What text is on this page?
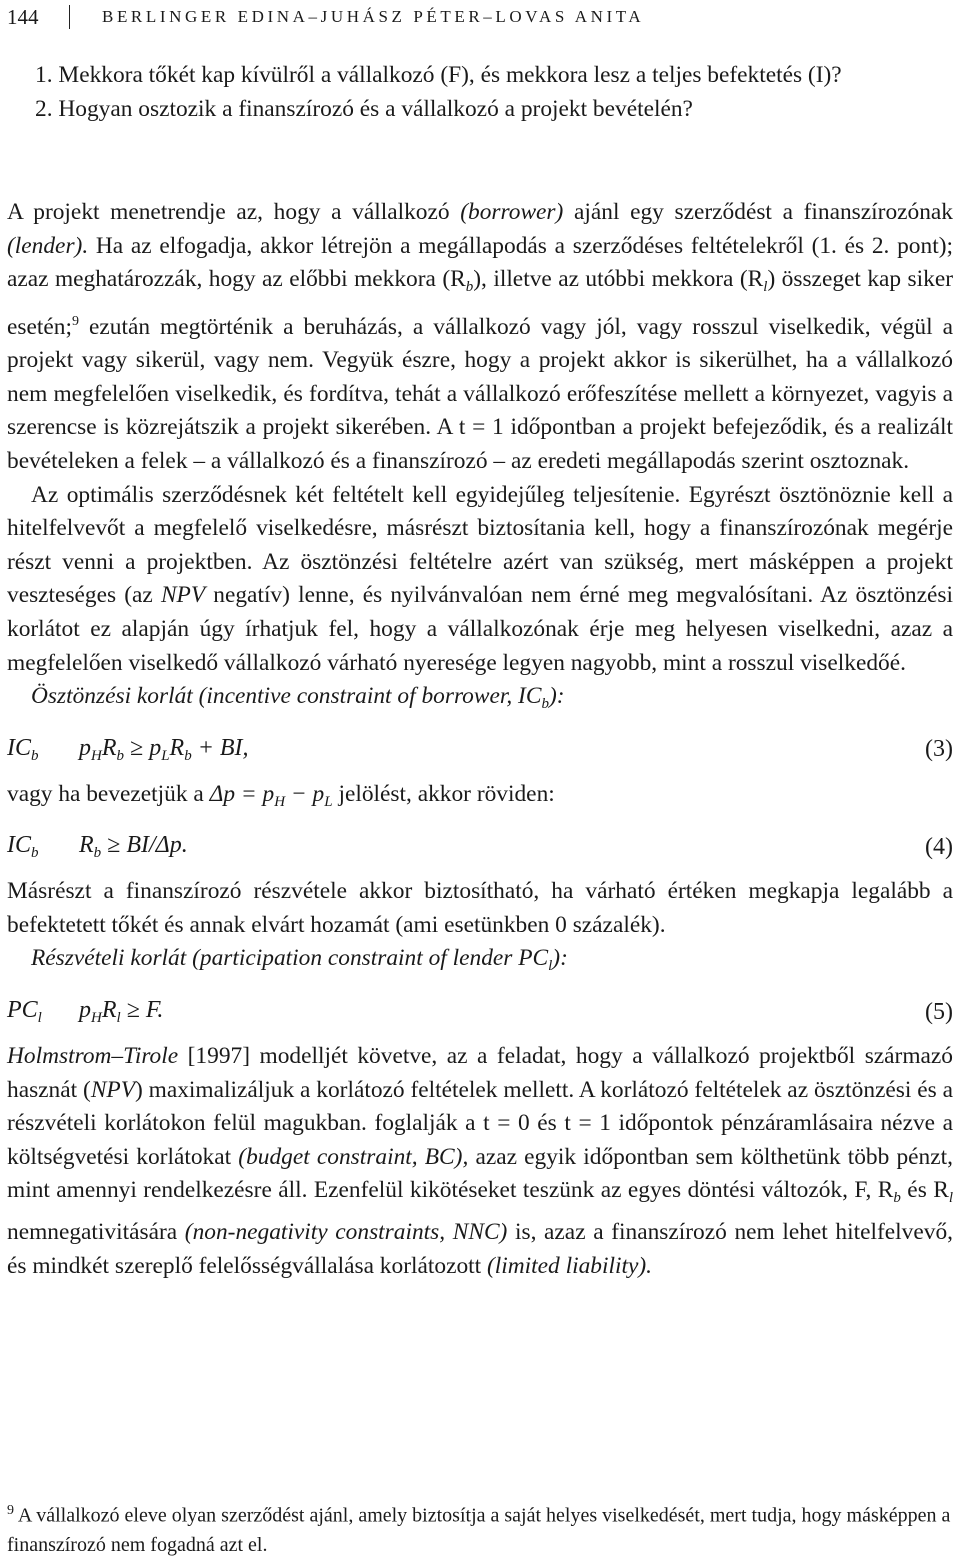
144	BERLINGER EDINA–JUHÁSZ PÉTER–LOVAS ANITA

1. Mekkora tőkét kap kívülről a vállalkozó (F), és mekkora lesz a teljes befektetés (I)?

2. Hogyan osztozik a finanszírozó és a vállalkozó a projekt bevételén?

A projekt menetrendje az, hogy a vállalkozó (borrower) ajánl egy szerződést a finanszírozónak (lender). Ha az elfogadja, akkor létrejön a megállapodás a szerződéses feltételekről (1. és 2. pont); azaz meghatározzák, hogy az előbbi mekkora $(R_b)$, illetve az utóbbi mekkora $(R_l)$ összeget kap siker esetén;$^9$ ezután megtörténik a beruházás, a vállalkozó vagy jól, vagy rosszul viselkedik, végül a projekt vagy sikerül, vagy nem. Vegyük észre, hogy a projekt akkor is sikerülhet, ha a vállalkozó nem megfelelően viselkedik, és fordítva, tehát a vállalkozó erőfeszítése mellett a környezet, vagyis a szerencse is közrejátszik a projekt sikerében. A t = 1 időpontban a projekt befejeződik, és a realizált bevételeken a felek – a vállalkozó és a finanszírozó – az eredeti megállapodás szerint osztoznak.

Az optimális szerződésnek két feltételt kell egyidejűleg teljesítenie. Egyrészt ösztönöznie kell a hitelfelvevőt a megfelelő viselkedésre, másrészt biztosítania kell, hogy a finanszírozónak megérje részt venni a projektben. Az ösztönzési feltételre azért van szükség, mert másképpen a projekt veszteséges (az NPV negatív) lenne, és nyilvánvalóan nem érné meg megvalósítani. Az ösztönzési korlátot ez alapján úgy írhatjuk fel, hogy a vállalkozónak érje meg helyesen viselkedni, azaz a megfelelően viselkedő vállalkozó várható nyeresége legyen nagyobb, mint a rosszul viselkedőé.

Ösztönzési korlát (incentive constraint of borrower, $IC_b$):

$IC_b$	$p_HR_b \ge p_LR_b$ + BI,	(3)

vagy ha bevezetjük a $\Delta p = p_H - p_L$ jelölést, akkor röviden:

$IC_b$	$R_b \ge BI/\Delta p$.	(4)

Másrészt a finanszírozó részvétele akkor biztosítható, ha várható értéken megkapja legalább a befektetett tőkét és annak elvárt hozamát (ami esetünkben 0 százalék).

Részvételi korlát (participation constraint of lender $PC_l$):

$PC_l$	$p_HR_l \ge F$.	(5)

Holmstrom–Tirole [1997] modelljét követve, az a feladat, hogy a vállalkozó projektből származó hasznát (NPV) maximalizáljuk a korlátozó feltételek mellett. A korlátozó feltételek az ösztönzési és a részvételi korlátokon felül magukban. foglalják a t = 0 és t = 1 időpontok pénzáramlásaira nézve a költségvetési korlátokat (budget constraint, BC), azaz egyik időpontban sem költhetünk több pénzt, mint amennyi rendelkezésre áll. Ezenfelül kikötéseket teszünk az egyes döntési változók, F, $R_b$ és $R_l$ nemnegativitására (non-negativity constraints, NNC) is, azaz a finanszírozó nem lehet hitelfelvevő, és mindkét szereplő felelősségvállalása korlátozott (limited liability).

$^9$ A vállalkozó eleve olyan szerződést ajánl, amely biztosítja a saját helyes viselkedését, mert tudja, hogy másképpen a finanszírozó nem fogadná azt el.
